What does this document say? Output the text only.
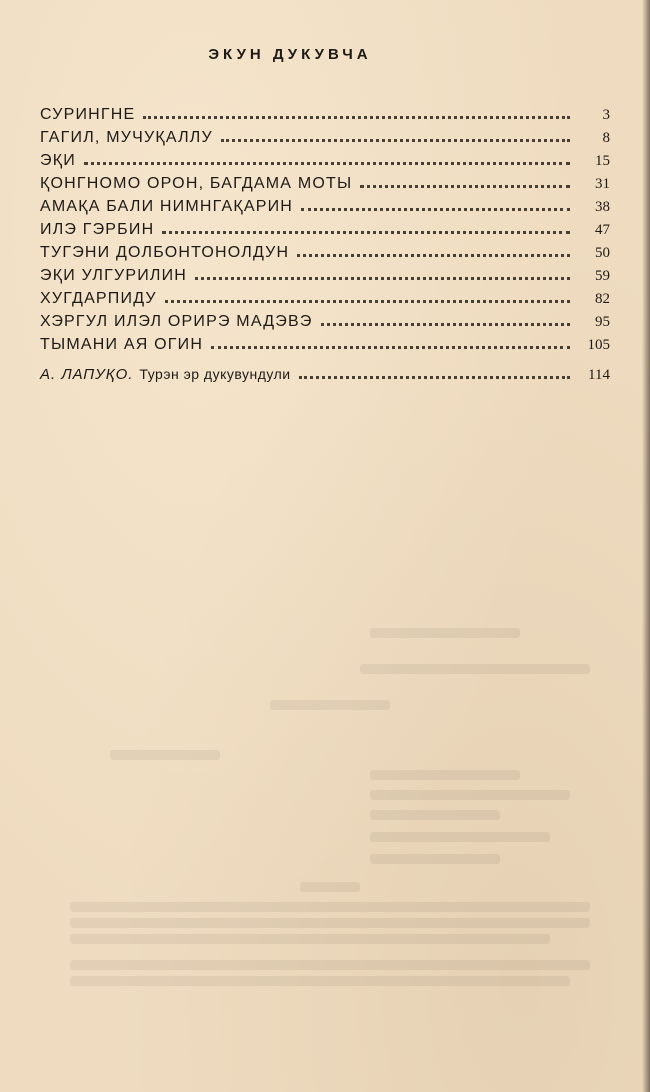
ЭКУН ДУКУВЧА
СУРИНГНЕ	3
ГАГИЛ, МУЧУҚАЛЛУ	8
ЭҚИ	15
ҚОНГНОМО ОРОН, БАГДАМА МОТЫ	31
АМАҚА БАЛИ НИМНГАҚАРИН	38
ИЛЭ ГЭРБИН	47
ТУГЭНИ ДОЛБОНТОНОЛДУН	50
ЭҚИ УЛГУРИЛИН	59
ХУГДАРПИДУ	82
ХЭРГУЛ ИЛЭЛ ОРИРЭ МАДЭВЭ	95
ТЫМАНИ АЯ ОГИН	105
А. ЛАПУҚО. Турэн эр дукувундули	114
